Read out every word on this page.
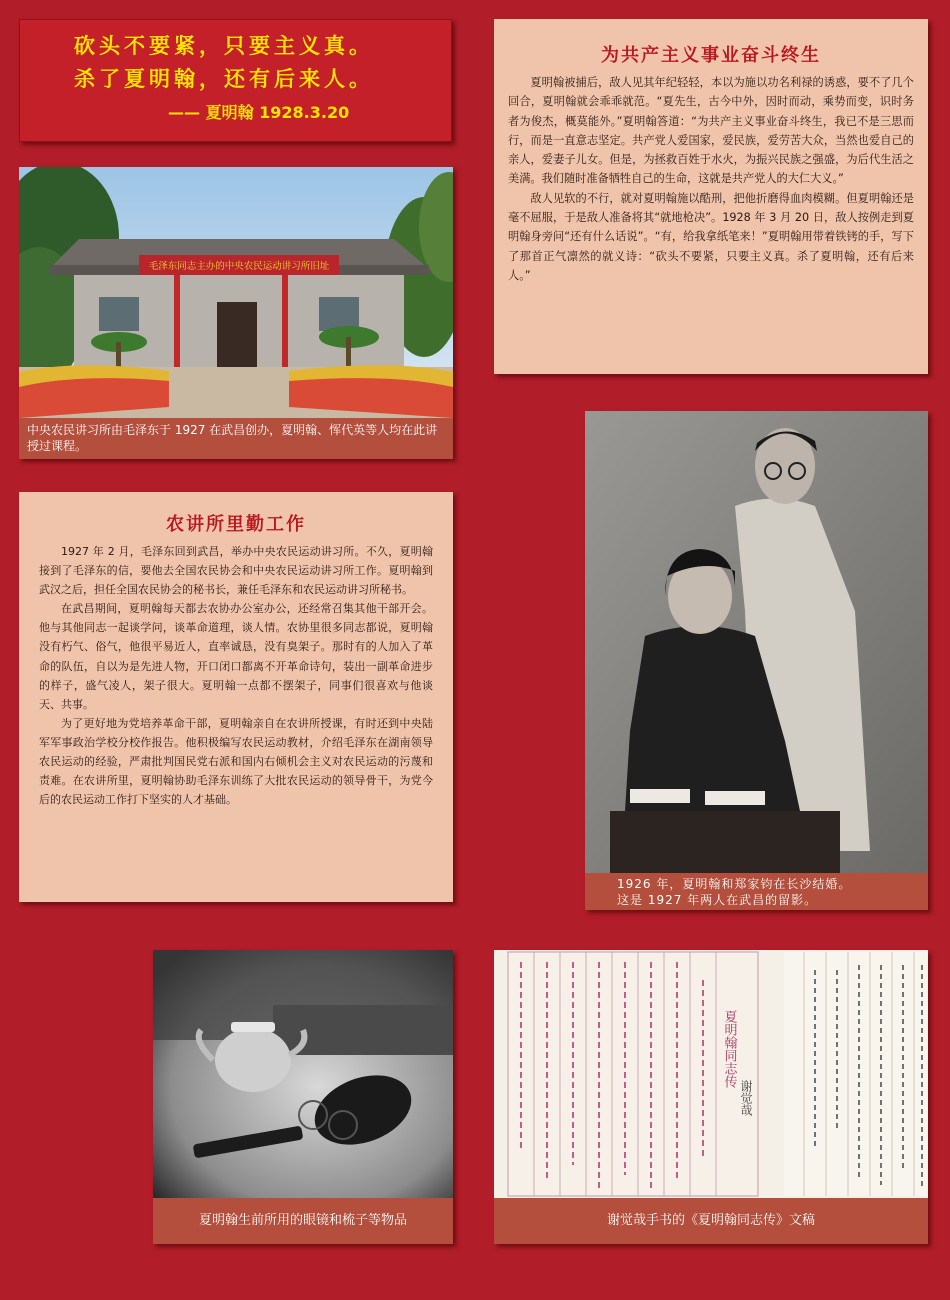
砍头不要紧，只要主义真。
杀了夏明翰，还有后来人。
—— 夏明翰 1928.3.20
为共产主义事业奋斗终生

夏明翰被捕后，敌人见其年纪轻轻，本以为施以功名利禄的诱惑，要不了几个回合，夏明翰就会乖乖就范。“夏先生，古今中外，因时而动，乘势而变，识时务者为俊杰，概莫能外。”夏明翰答道：“为共产主义事业奋斗终生，我已不是三思而行，而是一直意志坚定。共产党人爱国家，爱民族，爱劳苦大众，当然也爱自己的亲人，爱妻子儿女。但是，为拯救百姓于水火，为振兴民族之强盛，为后代生活之美满。我们随时准备牺牲自己的生命，这就是共产党人的大仁大义。”

敌人见软的不行，就对夏明翰施以酷刑，把他折磨得血肉模糊。但夏明翰还是毫不屈服，于是敌人准备将其“就地枪决”。1928 年 3 月 20 日，敌人按例走到夏明翰身旁问“还有什么话说”。“有，给我拿纸笔来！”夏明翰用带着铁铐的手，写下了那首正气凛然的就义诗：“砍头不要紧，只要主义真。杀了夏明翰，还有后来人。”

毛泽东同志主办的中央农民运动讲习所旧址
中央农民讲习所由毛泽东于 1927 在武昌创办，夏明翰、恽代英等人均在此讲授过课程。
1926 年，夏明翰和郑家钧在长沙结婚。
这是 1927 年两人在武昌的留影。
农讲所里勤工作

1927 年 2 月，毛泽东回到武昌，举办中央农民运动讲习所。不久，夏明翰接到了毛泽东的信，要他去全国农民协会和中央农民运动讲习所工作。夏明翰到武汉之后，担任全国农民协会的秘书长，兼任毛泽东和农民运动讲习所秘书。

在武昌期间，夏明翰每天都去农协办公室办公，还经常召集其他干部开会。他与其他同志一起谈学问，谈革命道理，谈人情。农协里很多同志都说，夏明翰没有朽气、俗气，他很平易近人，直率诚恳，没有臭架子。那时有的人加入了革命的队伍，自以为是先进人物，开口闭口都离不开革命诗句，装出一副革命进步的样子，盛气凌人，架子很大。夏明翰一点都不摆架子，同事们很喜欢与他谈天、共事。

为了更好地为党培养革命干部，夏明翰亲自在农讲所授课，有时还到中央陆军军事政治学校分校作报告。他积极编写农民运动教材，介绍毛泽东在湖南领导农民运动的经验，严肃批判国民党右派和国内右倾机会主义对农民运动的污蔑和责难。在农讲所里，夏明翰协助毛泽东训练了大批农民运动的领导骨干，为党今后的农民运动工作打下坚实的人才基础。

夏明翰生前所用的眼镜和梳子等物品
夏明翰同志传
谢觉哉
谢觉哉手书的《夏明翰同志传》文稿
